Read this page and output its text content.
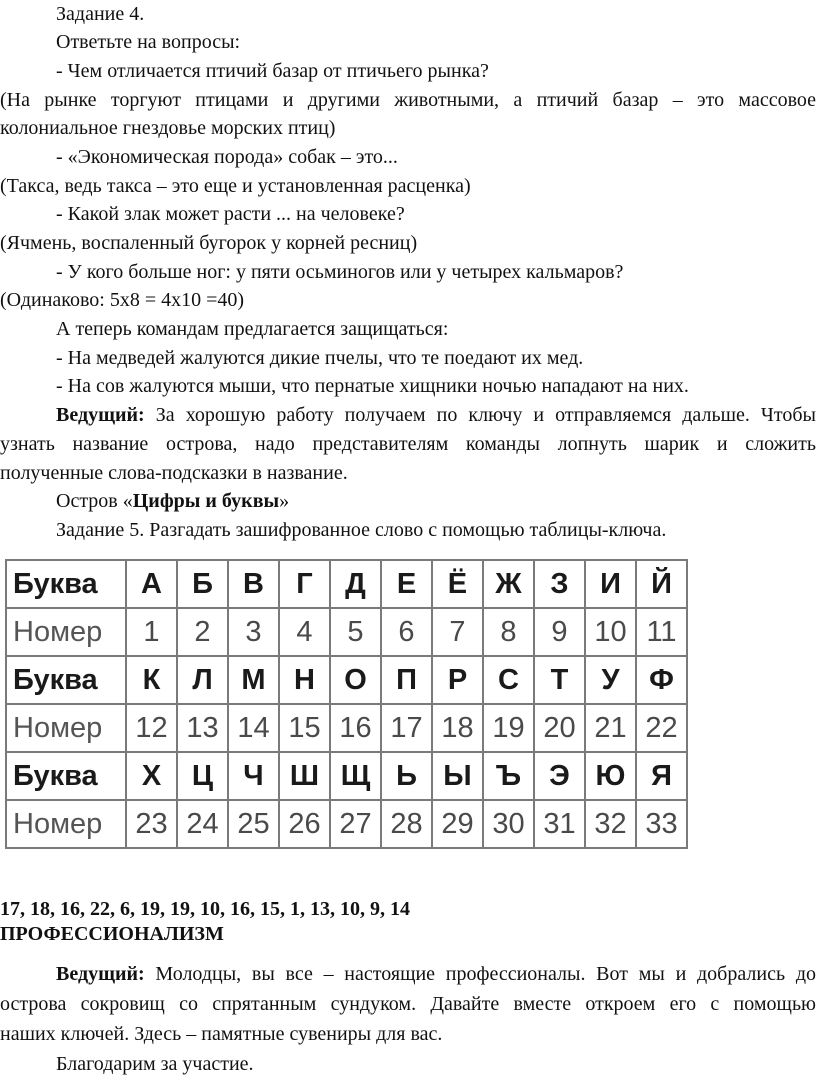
Задание 4.
Ответьте на вопросы:
- Чем отличается птичий базар от птичьего рынка?
(На рынке торгуют птицами и другими животными, а птичий базар – это массовое
колониальное гнездовье морских птиц)
- «Экономическая порода» собак – это...
(Такса, ведь такса – это еще и установленная расценка)
- Какой злак может расти ... на человеке?
(Ячмень, воспаленный бугорок у корней ресниц)
- У кого больше ног: у пяти осьминогов или у четырех кальмаров?
(Одинаково: 5х8 = 4х10 =40)
А теперь командам предлагается защищаться:
- На медведей жалуются дикие пчелы, что те поедают их мед.
- На сов жалуются мыши, что пернатые хищники ночью нападают на них.
Ведущий: За хорошую работу получаем по ключу и отправляемся дальше. Чтобы
узнать название острова, надо представителям команды лопнуть шарик и сложить
полученные слова-подсказки в название.
Остров «Цифры и буквы»
Задание 5. Разгадать зашифрованное слово с помощью таблицы-ключа.
Буква	А	Б	В	Г	Д	Е	Ё	Ж	З	И	Й
Номер	1	2	3	4	5	6	7	8	9	10	11
Буква	К	Л	М	Н	О	П	Р	С	Т	У	Ф
Номер	12	13	14	15	16	17	18	19	20	21	22
Буква	Х	Ц	Ч	Ш	Щ	Ь	Ы	Ъ	Э	Ю	Я
Номер	23	24	25	26	27	28	29	30	31	32	33
17, 18, 16, 22, 6, 19, 19, 10, 16, 15, 1, 13, 10, 9, 14
ПРОФЕССИОНАЛИЗМ
Ведущий: Молодцы, вы все – настоящие профессионалы. Вот мы и добрались до
острова сокровищ со спрятанным сундуком. Давайте вместе откроем его с помощью
наших ключей. Здесь – памятные сувениры для вас.
Благодарим за участие.
